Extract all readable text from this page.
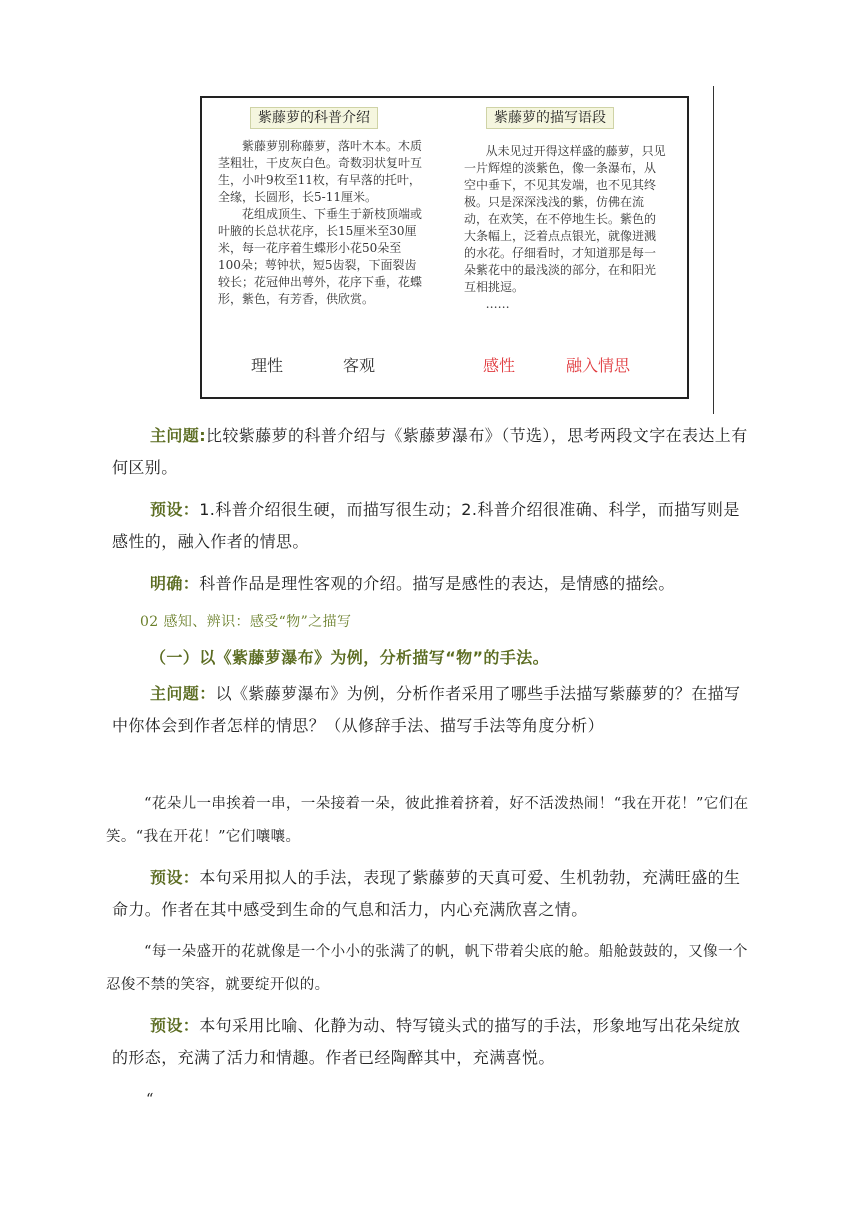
紫藤萝的科普介绍	紫藤萝的描写语段

紫藤萝别称藤萝，落叶木本。木质茎粗壮，干皮灰白色。奇数羽状复叶互生，小叶9枚至11枚，有早落的托叶，全缘，长圆形，长5-11厘米。

花组成顶生、下垂生于新枝顶端或叶腋的长总状花序，长15厘米至30厘米，每一花序着生蝶形小花50朵至100朵；萼钟状，短5齿裂，下面裂齿较长；花冠伸出萼外，花序下垂，花蝶形，紫色，有芳香，供欣赏。

从未见过开得这样盛的藤萝，只见一片辉煌的淡紫色，像一条瀑布，从空中垂下，不见其发端，也不见其终极。只是深深浅浅的紫，仿佛在流动，在欢笑，在不停地生长。紫色的大条幅上，泛着点点银光，就像迸溅的水花。仔细看时，才知道那是每一朵紫花中的最浅淡的部分，在和阳光互相挑逗。

……

理性	客观	感性	融入情思
主问题:比较紫藤萝的科普介绍与《紫藤萝瀑布》（节选），思考两段文字在表达上有何区别。
预设：1.科普介绍很生硬，而描写很生动；2.科普介绍很准确、科学，而描写则是感性的，融入作者的情思。
明确：科普作品是理性客观的介绍。描写是感性的表达，是情感的描绘。
02 感知、辨识：感受“物”之描写
（一）以《紫藤萝瀑布》为例，分析描写“物”的手法。
主问题：以《紫藤萝瀑布》为例，分析作者采用了哪些手法描写紫藤萝的？在描写中你体会到作者怎样的情思？（从修辞手法、描写手法等角度分析）
“花朵儿一串挨着一串，一朵接着一朵，彼此推着挤着，好不活泼热闹！“我在开花！”它们在笑。“我在开花！”它们嚷嚷。
预设：本句采用拟人的手法，表现了紫藤萝的天真可爱、生机勃勃，充满旺盛的生命力。作者在其中感受到生命的气息和活力，内心充满欣喜之情。
“每一朵盛开的花就像是一个小小的张满了的帆，帆下带着尖底的舱。船舱鼓鼓的，又像一个忍俊不禁的笑容，就要绽开似的。
预设：本句采用比喻、化静为动、特写镜头式的描写的手法，形象地写出花朵绽放的形态，充满了活力和情趣。作者已经陶醉其中，充满喜悦。
“
